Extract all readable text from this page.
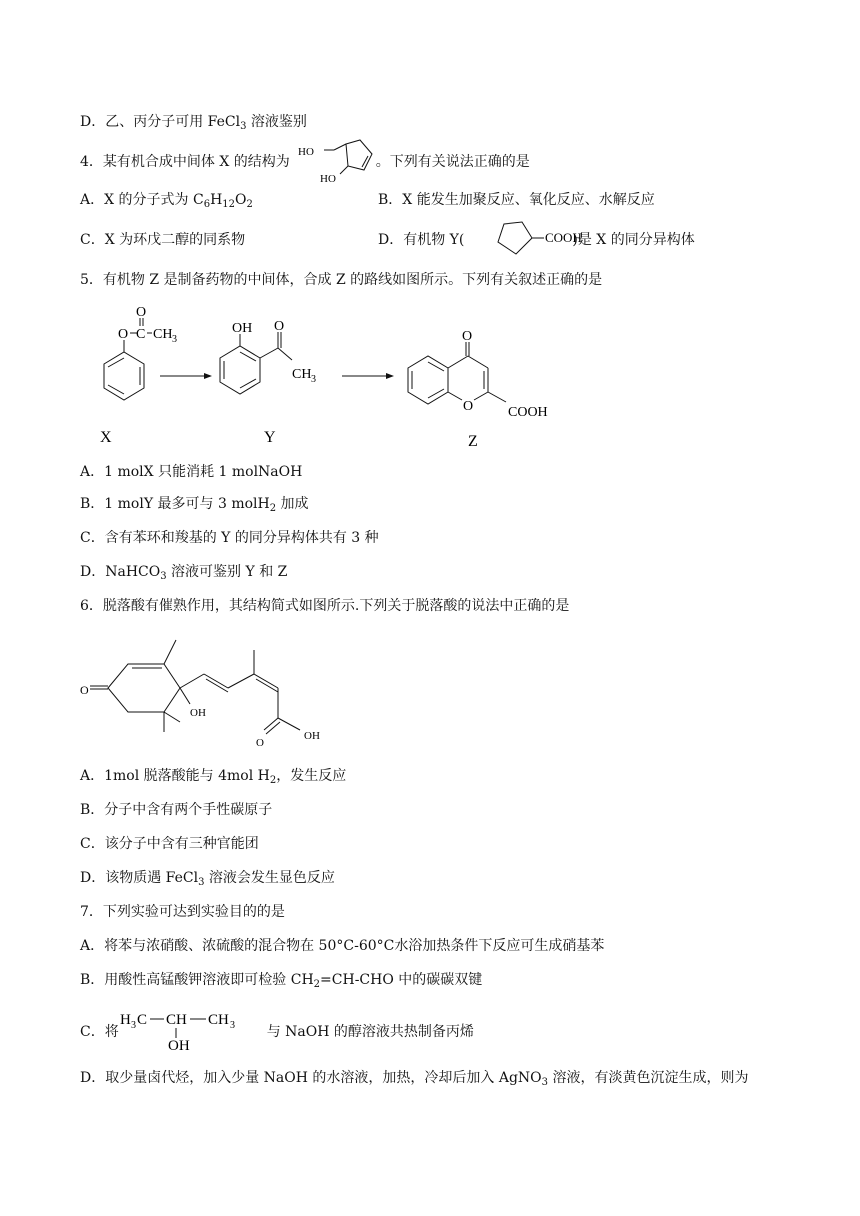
D．乙、丙分子可用 FeCl$_3$ 溶液鉴别
4．某有机合成中间体 X 的结构为	。下列有关说法正确的是
HO
HO
A．X 的分子式为 $C_6H_{12}O_2$	B．X 能发生加聚反应、氧化反应、水解反应
C．X 为环戊二醇的同系物	D．有机物 Y(	)是 X 的同分异构体
COOH
5．有机物 Z 是制备药物的中间体，合成 Z 的路线如图所示。下列有关叙述正确的是
O
O
C CH 3
X
OH O
CH 3
Y
O
O
COOH
Z
A．1 molX 只能消耗 1 molNaOH
B．1 molY 最多可与 3 molH$_2$ 加成
C．含有苯环和羧基的 Y 的同分异构体共有 3 种
D．NaHCO$_3$ 溶液可鉴别 Y 和 Z
6．脱落酸有催熟作用，其结构简式如图所示.下列关于脱落酸的说法中正确的是
O
OH
O
OH
A．1mol 脱落酸能与 4mol $H_2$，发生反应
B．分子中含有两个手性碳原子
C．该分子中含有三种官能团
D．该物质遇 FeCl$_3$ 溶液会发生显色反应
7．下列实验可达到实验目的的是
A．将苯与浓硝酸、浓硫酸的混合物在 50°C-60°C水浴加热条件下反应可生成硝基苯
B．用酸性高锰酸钾溶液即可检验 $CH_2=CH$-CHO 中的碳碳双键
C．将	与 NaOH 的醇溶液共热制备丙烯
H 3 C CH CH 3
OH
D．取少量卤代烃，加入少量 NaOH 的水溶液，加热，冷却后加入 AgNO$_3$ 溶液，有淡黄色沉淀生成，则为
